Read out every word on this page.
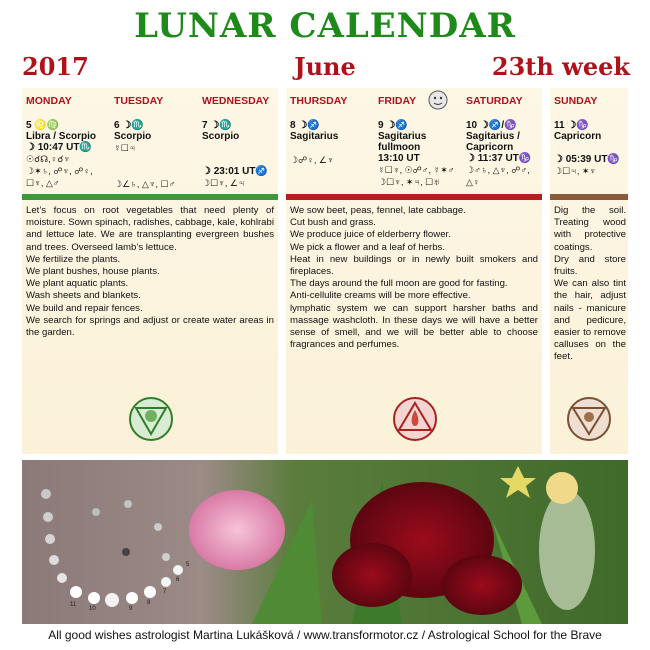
LUNAR CALENDAR
2017	June	23th week
MONDAY
5 ♌♍
Libra / Scorpio
☽ 10:47 UT♏
☉☌☊,♀☌♆
☽✶♄, ☍♆, ☍♀,
☐♆, △♂
TUESDAY
6 ☽♏
Scorpio
☿☐♃
☽∠♄, △♆, ☐♂
WEDNESDAY
7 ☽♏
Scorpio
☽ 23:01 UT♐
☽☐♆, ∠♃
THURSDAY
8 ☽♐
Sagitarius
☽☍♀, ∠♆
FRIDAY
9 ☽♐
Sagitarius fullmoon
13:10 UT
☿☐♆, ☉☍♂, ☿✶♂
☽☐♆, ✶♃, ☐♅
SATURDAY
10 ☽♐/♑
Sagitarius / Capricorn
☽ 11:37 UT♑
☽♂♄, △♆, ☍♂,
△♀
SUNDAY
11 ☽♑
Capricorn
☽ 05:39 UT♑
☽☐♃, ✶♆
Let’s focus on root vegetables that need plenty of moisture. Sown spinach, radishes, cabbage, kale, kohlrabi and lettuce late. We are transplanting evergreen bushes and trees. Overseed lamb’s lettuce.
We fertilize the plants.
We plant bushes, house plants.
We plant aquatic plants.
Wash sheets and blankets.
We build and repair fences.
We search for springs and adjust or create water areas in the garden.
We sow beet, peas, fennel, late cabbage.
Cut bush and grass.
We produce juice of elderberry flower.
We pick a flower and a leaf of herbs.
Heat in new buildings or in newly built smokers and fireplaces.
The days around the full moon are good for fasting.
Anti-cellulite creams will be more effective.
lymphatic system we can support harsher baths and massage washcloth. In these days we will have a better sense of smell, and we will be better able to choose fragrances and perfumes.
Dig the soil. Treating wood with protective coatings.
Dry and store fruits.
We can also tint the hair, adjust nails - manicure and pedicure, easier to remove calluses on the feet.
11
10	9
8
7
6
5
All good wishes astrologist Martina Lukášková / www.transformotor.cz / Astrological School for the Brave
